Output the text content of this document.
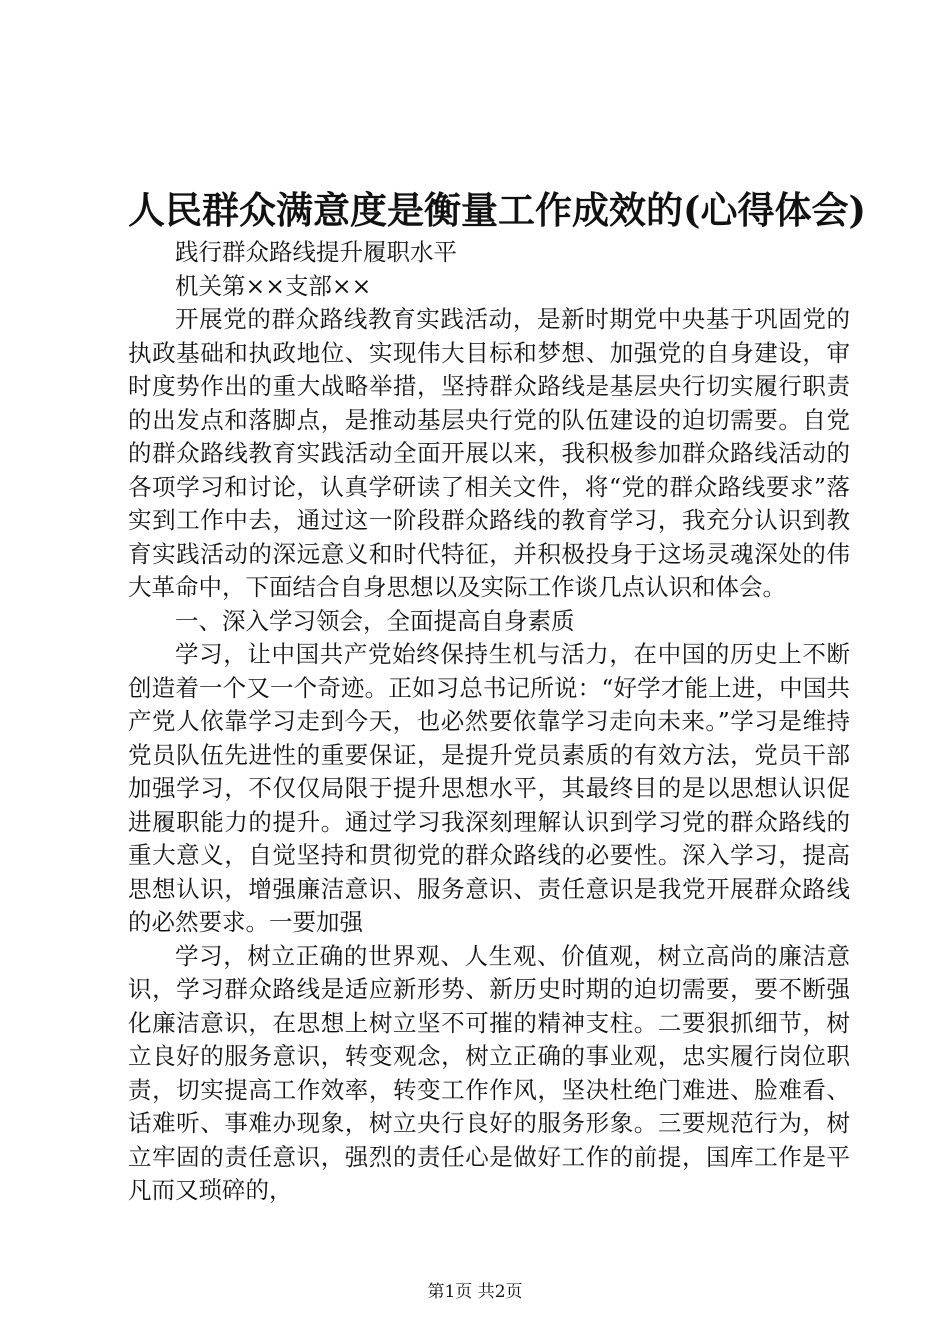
人民群众满意度是衡量工作成效的(心得体会)

践行群众路线提升履职水平

机关第××支部××

开展党的群众路线教育实践活动，是新时期党中央基于巩固党的执政基础和执政地位、实现伟大目标和梦想、加强党的自身建设，审时度势作出的重大战略举措，坚持群众路线是基层央行切实履行职责的出发点和落脚点，是推动基层央行党的队伍建设的迫切需要。自党的群众路线教育实践活动全面开展以来，我积极参加群众路线活动的各项学习和讨论，认真学研读了相关文件，将“党的群众路线要求”落实到工作中去，通过这一阶段群众路线的教育学习，我充分认识到教育实践活动的深远意义和时代特征，并积极投身于这场灵魂深处的伟大革命中，下面结合自身思想以及实际工作谈几点认识和体会。

一、深入学习领会，全面提高自身素质

学习，让中国共产党始终保持生机与活力，在中国的历史上不断创造着一个又一个奇迹。正如习总书记所说：“好学才能上进，中国共产党人依靠学习走到今天，也必然要依靠学习走向未来。”学习是维持党员队伍先进性的重要保证，是提升党员素质的有效方法，党员干部加强学习，不仅仅局限于提升思想水平，其最终目的是以思想认识促进履职能力的提升。通过学习我深刻理解认识到学习党的群众路线的重大意义，自觉坚持和贯彻党的群众路线的必要性。深入学习，提高思想认识，增强廉洁意识、服务意识、责任意识是我党开展群众路线的必然要求。一要加强

学习，树立正确的世界观、人生观、价值观，树立高尚的廉洁意识，学习群众路线是适应新形势、新历史时期的迫切需要，要不断强化廉洁意识，在思想上树立坚不可摧的精神支柱。二要狠抓细节，树立良好的服务意识，转变观念，树立正确的事业观，忠实履行岗位职责，切实提高工作效率，转变工作作风，坚决杜绝门难进、脸难看、话难听、事难办现象，树立央行良好的服务形象。三要规范行为，树立牢固的责任意识，强烈的责任心是做好工作的前提，国库工作是平凡而又琐碎的，

第1页 共2页
